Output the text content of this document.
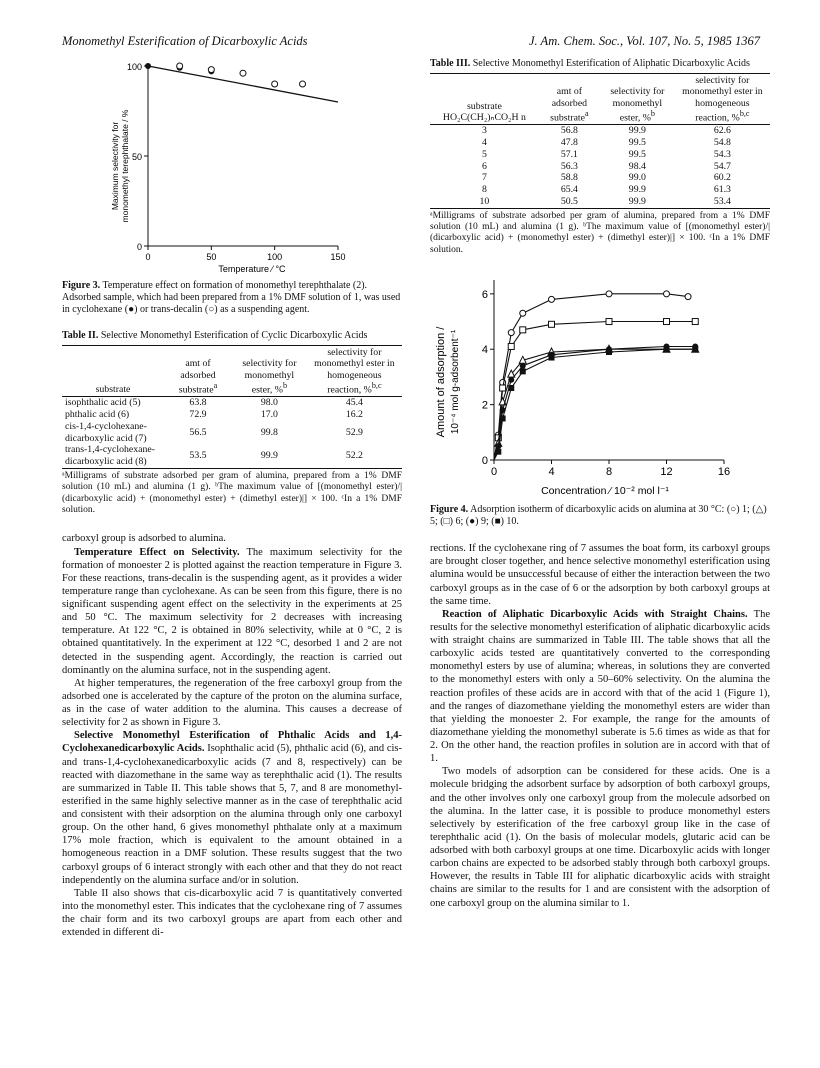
Monomethyl Esterification of Dicarboxylic Acids	J. Am. Chem. Soc., Vol. 107, No. 5, 1985 1367
Maximum selectivity for monomethyl terephthalate / %
Temperature ⁄ °C
0	50	100	150
0
50
100
Figure 3. Temperature effect on formation of monomethyl terephthalate (2). Adsorbed sample, which had been prepared from a 1% DMF solution of 1, was used in cyclohexane (●) or trans-decalin (○) as a suspending agent.
Table II. Selective Monomethyl Esterification of Cyclic Dicarboxylic Acids
substrate	amt of adsorbed substrate$^a$	selectivity for monomethyl ester, %$^b$	selectivity for monomethyl ester in homogeneous reaction, %$^{b,c}$
isophthalic acid (5)	63.8	98.0	45.4
phthalic acid (6)	72.9	17.0	16.2
cis-1,4-cyclohexane-dicarboxylic acid (7)	56.5	99.8	52.9
trans-1,4-cyclohexane-dicarboxylic acid (8)	53.5	99.9	52.2
ᵃMilligrams of substrate adsorbed per gram of alumina, prepared from a 1% DMF solution (10 mL) and alumina (1 g). ᵇThe maximum value of [(monomethyl ester)/|(dicarboxylic acid) + (monomethyl ester) + (dimethyl ester)|] × 100. ᶜIn a 1% DMF solution.

carboxyl group is adsorbed to alumina.

Temperature Effect on Selectivity. The maximum selectivity for the formation of monoester 2 is plotted against the reaction temperature in Figure 3. For these reactions, trans-decalin is the suspending agent, as it provides a wider temperature range than cyclohexane. As can be seen from this figure, there is no significant suspending agent effect on the selectivity in the experiments at 25 and 50 °C. The maximum selectivity for 2 decreases with increasing temperature. At 122 °C, 2 is obtained in 80% selectivity, while at 0 °C, 2 is obtained quantitatively. In the experiment at 122 °C, desorbed 1 and 2 are not detected in the suspending agent. Accordingly, the reaction is carried out dominantly on the alumina surface, not in the suspending agent.

At higher temperatures, the regeneration of the free carboxyl group from the adsorbed one is accelerated by the capture of the proton on the alumina surface, as in the case of water addition to the alumina. This causes a decrease of selectivity for 2 as shown in Figure 3.

Selective Monomethyl Esterification of Phthalic Acids and 1,4-Cyclohexanedicarboxylic Acids. Isophthalic acid (5), phthalic acid (6), and cis- and trans-1,4-cyclohexanedicarboxylic acids (7 and 8, respectively) can be reacted with diazomethane in the same way as terephthalic acid (1). The results are summarized in Table II. This table shows that 5, 7, and 8 are monomethyl-esterified in the same highly selective manner as in the case of terephthalic acid and consistent with their adsorption on the alumina through only one carboxyl group. On the other hand, 6 gives monomethyl phthalate only at a maximum 17% mole fraction, which is equivalent to the amount obtained in a homogeneous reaction in a DMF solution. These results suggest that the two carboxyl groups of 6 interact strongly with each other and that they do not react independently on the alumina surface and/or in solution.

Table II also shows that cis-dicarboxylic acid 7 is quantitatively converted into the monomethyl ester. This indicates that the cyclohexane ring of 7 assumes the chair form and its two carboxyl groups are apart from each other and extended in different di-

Table III. Selective Monomethyl Esterification of Aliphatic Dicarboxylic Acids
substrate HO₂C(CH₂)ₙCO₂H n	amt of adsorbed substrate$^a$	selectivity for monomethyl ester, %$^b$	selectivity for monomethyl ester in homogeneous reaction, %$^{b,c}$
3	56.8	99.9	62.6
4	47.8	99.5	54.8
5	57.1	99.5	54.3
6	56.3	98.4	54.7
7	58.8	99.0	60.2
8	65.4	99.9	61.3
10	50.5	99.9	53.4
ᵃMilligrams of substrate adsorbed per gram of alumina, prepared from a 1% DMF solution (10 mL) and alumina (1 g). ᵇThe maximum value of [(monomethyl ester)/|(dicarboxylic acid) + (monomethyl ester) + (dimethyl ester)|] × 100. ᶜIn a 1% DMF solution.
Amount of adsorption / 10⁻⁴ mol g-adsorbent⁻¹
Concentration ⁄ 10⁻² mol l⁻¹
0	4	8	12	16
0
2
4
6
Figure 4. Adsorption isotherm of dicarboxylic acids on alumina at 30 °C: (○) 1; (△) 5; (□) 6; (●) 9; (■) 10.

rections. If the cyclohexane ring of 7 assumes the boat form, its carboxyl groups are brought closer together, and hence selective monomethyl esterification using alumina would be unsuccessful because of either the interaction between the two carboxyl groups as in the case of 6 or the adsorption by both carboxyl groups at the same time.

Reaction of Aliphatic Dicarboxylic Acids with Straight Chains. The results for the selective monomethyl esterification of aliphatic dicarboxylic acids with straight chains are summarized in Table III. The table shows that all the carboxylic acids tested are quantitatively converted to the corresponding monomethyl esters by use of alumina; whereas, in solutions they are converted to the monomethyl esters with only a 50–60% selectivity. On the alumina the reaction profiles of these acids are in accord with that of the acid 1 (Figure 1), and the ranges of diazomethane yielding the monomethyl esters are wider than that yielding the monoester 2. For example, the range for the amounts of diazomethane yielding the monomethyl suberate is 5.6 times as wide as that for 2. On the other hand, the reaction profiles in solution are in accord with that of 1.

Two models of adsorption can be considered for these acids. One is a molecule bridging the adsorbent surface by adsorption of both carboxyl groups, and the other involves only one carboxyl group from the molecule adsorbed on the alumina. In the latter case, it is possible to produce monomethyl esters selectively by esterification of the free carboxyl group like in the case of terephthalic acid (1). On the basis of molecular models, glutaric acid can be adsorbed with both carboxyl groups at one time. Dicarboxylic acids with longer carbon chains are expected to be adsorbed stably through both carboxyl groups. However, the results in Table III for aliphatic dicarboxylic acids with straight chains are similar to the results for 1 and are consistent with the adsorption of one carboxyl group on the alumina similar to 1.
